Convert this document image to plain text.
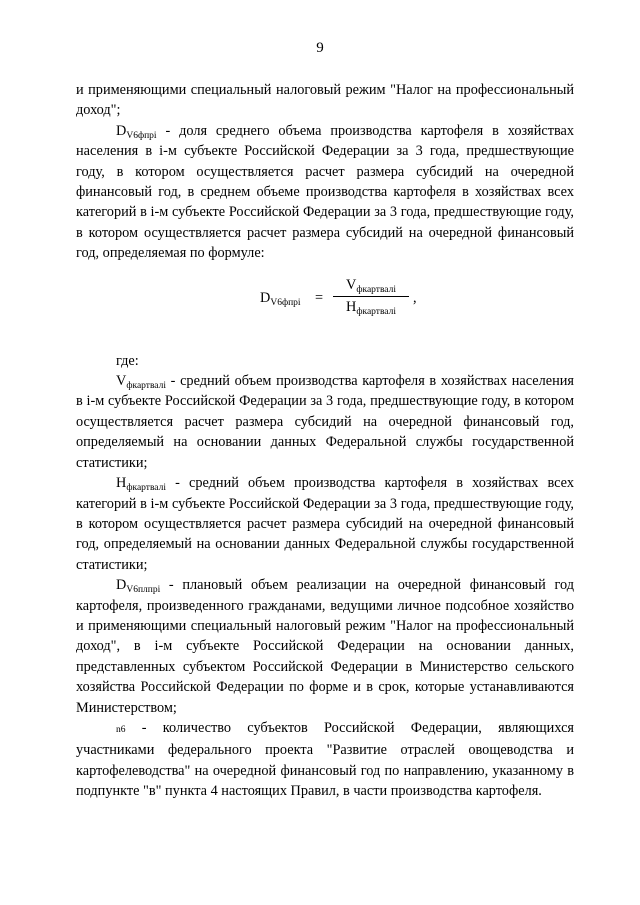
9

и применяющими специальный налоговый режим "Налог на профессиональный доход";

$D_{V6фпрi}$ - доля среднего объема производства картофеля в хозяйствах населения в i-м субъекте Российской Федерации за 3 года, предшествующие году, в котором осуществляется расчет размера субсидий на очередной финансовый год, в среднем объеме производства картофеля в хозяйствах всех категорий в i-м субъекте Российской Федерации за 3 года, предшествующие году, в котором осуществляется расчет размера субсидий на очередной финансовый год, определяемая по формуле:

$D_{V6фпрi}$ =
$V_{фкартвалi}$
$H_{фкартвалi}$
,

где:

$V_{фкартвалi}$ - средний объем производства картофеля в хозяйствах населения в i-м субъекте Российской Федерации за 3 года, предшествующие году, в котором осуществляется расчет размера субсидий на очередной финансовый год, определяемый на основании данных Федеральной службы государственной статистики;

$H_{фкартвалi}$ - средний объем производства картофеля в хозяйствах всех категорий в i-м субъекте Российской Федерации за 3 года, предшествующие году, в котором осуществляется расчет размера субсидий на очередной финансовый год, определяемый на основании данных Федеральной службы государственной статистики;

$D_{V6плпрi}$ - плановый объем реализации на очередной финансовый год картофеля, произведенного гражданами, ведущими личное подсобное хозяйство и применяющими специальный налоговый режим "Налог на профессиональный доход", в i-м субъекте Российской Федерации на основании данных, представленных субъектом Российской Федерации в Министерство сельского хозяйства Российской Федерации по форме и в срок, которые устанавливаются Министерством;

n6 - количество субъектов Российской Федерации, являющихся участниками федерального проекта "Развитие отраслей овощеводства и картофелеводства" на очередной финансовый год по направлению, указанному в подпункте "в" пункта 4 настоящих Правил, в части производства картофеля.
